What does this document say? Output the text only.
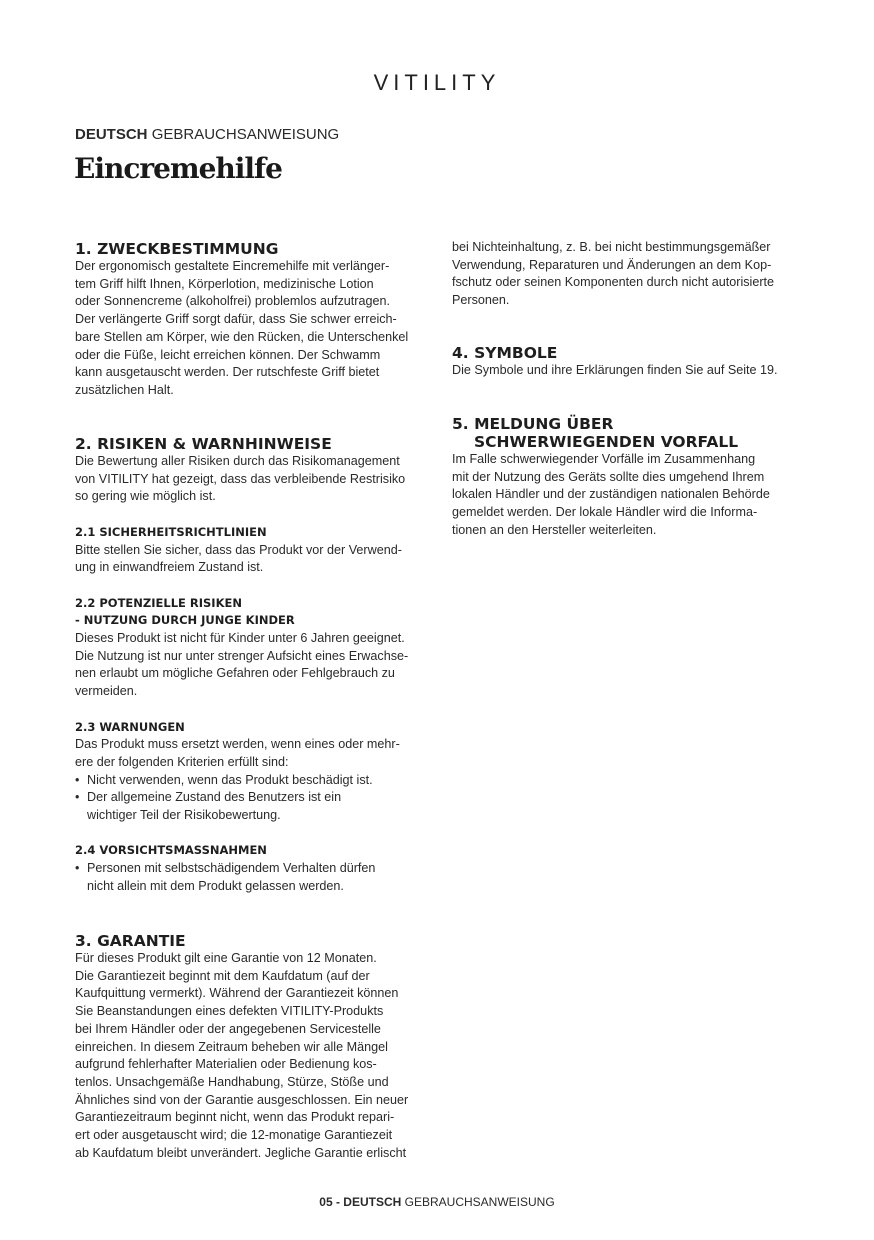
VITILITY
DEUTSCH GEBRAUCHSANWEISUNG
Eincremehilfe
1. ZWECKBESTIMMUNG
Der ergonomisch gestaltete Eincremehilfe mit verlänger-
tem Griff hilft Ihnen, Körperlotion, medizinische Lotion
oder Sonnencreme (alkoholfrei) problemlos aufzutragen.
Der verlängerte Griff sorgt dafür, dass Sie schwer erreich-
bare Stellen am Körper, wie den Rücken, die Unterschenkel
oder die Füße, leicht erreichen können. Der Schwamm
kann ausgetauscht werden. Der rutschfeste Griff bietet
zusätzlichen Halt.
2. RISIKEN & WARNHINWEISE
Die Bewertung aller Risiken durch das Risikomanagement
von VITILITY hat gezeigt, dass das verbleibende Restrisiko
so gering wie möglich ist.
2.1 SICHERHEITSRICHTLINIEN
Bitte stellen Sie sicher, dass das Produkt vor der Verwend-
ung in einwandfreiem Zustand ist.
2.2 POTENZIELLE RISIKEN
- NUTZUNG DURCH JUNGE KINDER
Dieses Produkt ist nicht für Kinder unter 6 Jahren geeignet.
Die Nutzung ist nur unter strenger Aufsicht eines Erwachse-
nen erlaubt um mögliche Gefahren oder Fehlgebrauch zu
vermeiden.
2.3 WARNUNGEN
Das Produkt muss ersetzt werden, wenn eines oder mehr-
ere der folgenden Kriterien erfüllt sind:
• Nicht verwenden, wenn das Produkt beschädigt ist.
• Der allgemeine Zustand des Benutzers ist ein
wichtiger Teil der Risikobewertung.
2.4 VORSICHTSMASSNAHMEN
• Personen mit selbstschädigendem Verhalten dürfen
nicht allein mit dem Produkt gelassen werden.
3. GARANTIE
Für dieses Produkt gilt eine Garantie von 12 Monaten.
Die Garantiezeit beginnt mit dem Kaufdatum (auf der
Kaufquittung vermerkt). Während der Garantiezeit können
Sie Beanstandungen eines defekten VITILITY-Produkts
bei Ihrem Händler oder der angegebenen Servicestelle
einreichen. In diesem Zeitraum beheben wir alle Mängel
aufgrund fehlerhafter Materialien oder Bedienung kos-
tenlos. Unsachgemäße Handhabung, Stürze, Stöße und
Ähnliches sind von der Garantie ausgeschlossen. Ein neuer
Garantiezeitraum beginnt nicht, wenn das Produkt repari-
ert oder ausgetauscht wird; die 12-monatige Garantiezeit
ab Kaufdatum bleibt unverändert. Jegliche Garantie erlischt
bei Nichteinhaltung, z. B. bei nicht bestimmungsgemäßer
Verwendung, Reparaturen und Änderungen an dem Kop-
fschutz oder seinen Komponenten durch nicht autorisierte
Personen.
4. SYMBOLE
Die Symbole und ihre Erklärungen finden Sie auf Seite 19.
5. MELDUNG ÜBER
SCHWERWIEGENDEN VORFALL
Im Falle schwerwiegender Vorfälle im Zusammenhang
mit der Nutzung des Geräts sollte dies umgehend Ihrem
lokalen Händler und der zuständigen nationalen Behörde
gemeldet werden. Der lokale Händler wird die Informa-
tionen an den Hersteller weiterleiten.
05 - DEUTSCH GEBRAUCHSANWEISUNG
